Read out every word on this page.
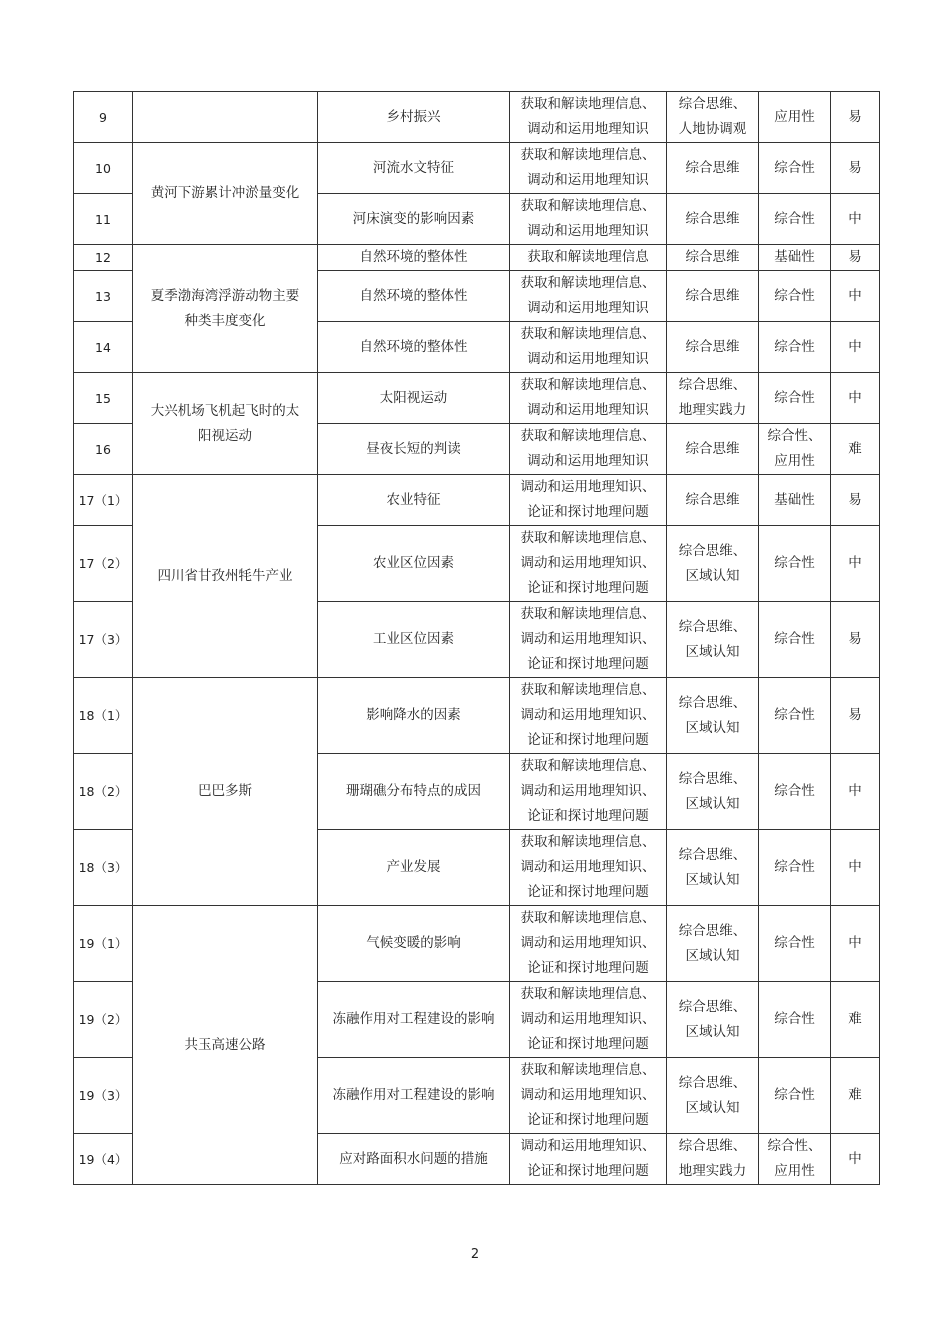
9		乡村振兴	获取和解读地理信息、
调动和运用地理知识	综合思维、
人地协调观	应用性	易
10	黄河下游累计冲淤量变化	河流水文特征	获取和解读地理信息、
调动和运用地理知识	综合思维	综合性	易
11		河床演变的影响因素	获取和解读地理信息、
调动和运用地理知识	综合思维	综合性	中
12	夏季渤海湾浮游动物主要种类丰度变化	自然环境的整体性	获取和解读地理信息	综合思维	基础性	易
13		自然环境的整体性	获取和解读地理信息、
调动和运用地理知识	综合思维	综合性	中
14		自然环境的整体性	获取和解读地理信息、
调动和运用地理知识	综合思维	综合性	中
15	大兴机场飞机起飞时的太阳视运动	太阳视运动	获取和解读地理信息、
调动和运用地理知识	综合思维、
地理实践力	综合性	中
16		昼夜长短的判读	获取和解读地理信息、
调动和运用地理知识	综合思维	综合性、
应用性	难
17（1）	四川省甘孜州牦牛产业	农业特征	调动和运用地理知识、
论证和探讨地理问题	综合思维	基础性	易
17（2）		农业区位因素	获取和解读地理信息、
调动和运用地理知识、
论证和探讨地理问题	综合思维、
区域认知	综合性	中
17（3）		工业区位因素	获取和解读地理信息、
调动和运用地理知识、
论证和探讨地理问题	综合思维、
区域认知	综合性	易
18（1）	巴巴多斯	影响降水的因素	获取和解读地理信息、
调动和运用地理知识、
论证和探讨地理问题	综合思维、
区域认知	综合性	易
18（2）		珊瑚礁分布特点的成因	获取和解读地理信息、
调动和运用地理知识、
论证和探讨地理问题	综合思维、
区域认知	综合性	中
18（3）		产业发展	获取和解读地理信息、
调动和运用地理知识、
论证和探讨地理问题	综合思维、
区域认知	综合性	中
19（1）	共玉高速公路	气候变暖的影响	获取和解读地理信息、
调动和运用地理知识、
论证和探讨地理问题	综合思维、
区域认知	综合性	中
19（2）		冻融作用对工程建设的影响	获取和解读地理信息、
调动和运用地理知识、
论证和探讨地理问题	综合思维、
区域认知	综合性	难
19（3）		冻融作用对工程建设的影响	获取和解读地理信息、
调动和运用地理知识、
论证和探讨地理问题	综合思维、
区域认知	综合性	难
19（4）		应对路面积水问题的措施	调动和运用地理知识、
论证和探讨地理问题	综合思维、
地理实践力	综合性、
应用性	中
2
